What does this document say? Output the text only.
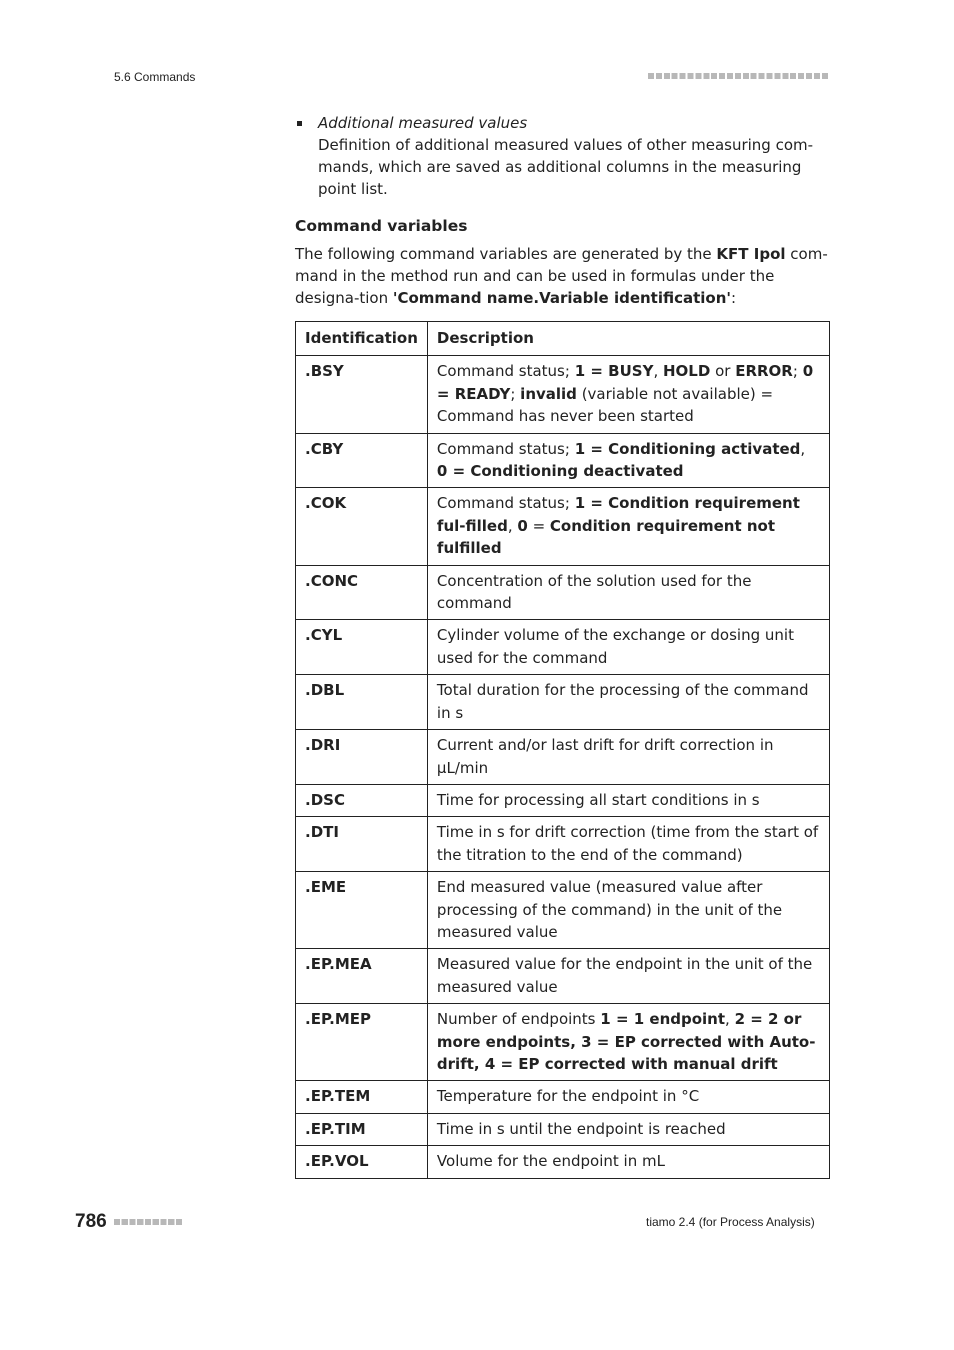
5.6 Commands
Additional measured values
Definition of additional measured values of other measuring com-mands, which are saved as additional columns in the measuring point list.
Command variables

The following command variables are generated by the KFT Ipol com-mand in the method run and can be used in formulas under the designa-tion 'Command name.Variable identification':

Identification	Description
.BSY	Command status; 1 = BUSY, HOLD or ERROR; 0 = READY; invalid (variable not available) = Command has never been started
.CBY	Command status; 1 = Conditioning activated, 0 = Conditioning deactivated
.COK	Command status; 1 = Condition requirement ful-filled, 0 = Condition requirement not fulfilled
.CONC	Concentration of the solution used for the command
.CYL	Cylinder volume of the exchange or dosing unit used for the command
.DBL	Total duration for the processing of the command in s
.DRI	Current and/or last drift for drift correction in µL/min
.DSC	Time for processing all start conditions in s
.DTI	Time in s for drift correction (time from the start of the titration to the end of the command)
.EME	End measured value (measured value after processing of the command) in the unit of the measured value
.EP.MEA	Measured value for the endpoint in the unit of the measured value
.EP.MEP	Number of endpoints 1 = 1 endpoint, 2 = 2 or more endpoints, 3 = EP corrected with Auto-drift, 4 = EP corrected with manual drift
.EP.TEM	Temperature for the endpoint in °C
.EP.TIM	Time in s until the endpoint is reached
.EP.VOL	Volume for the endpoint in mL
786	tiamo 2.4 (for Process Analysis)
